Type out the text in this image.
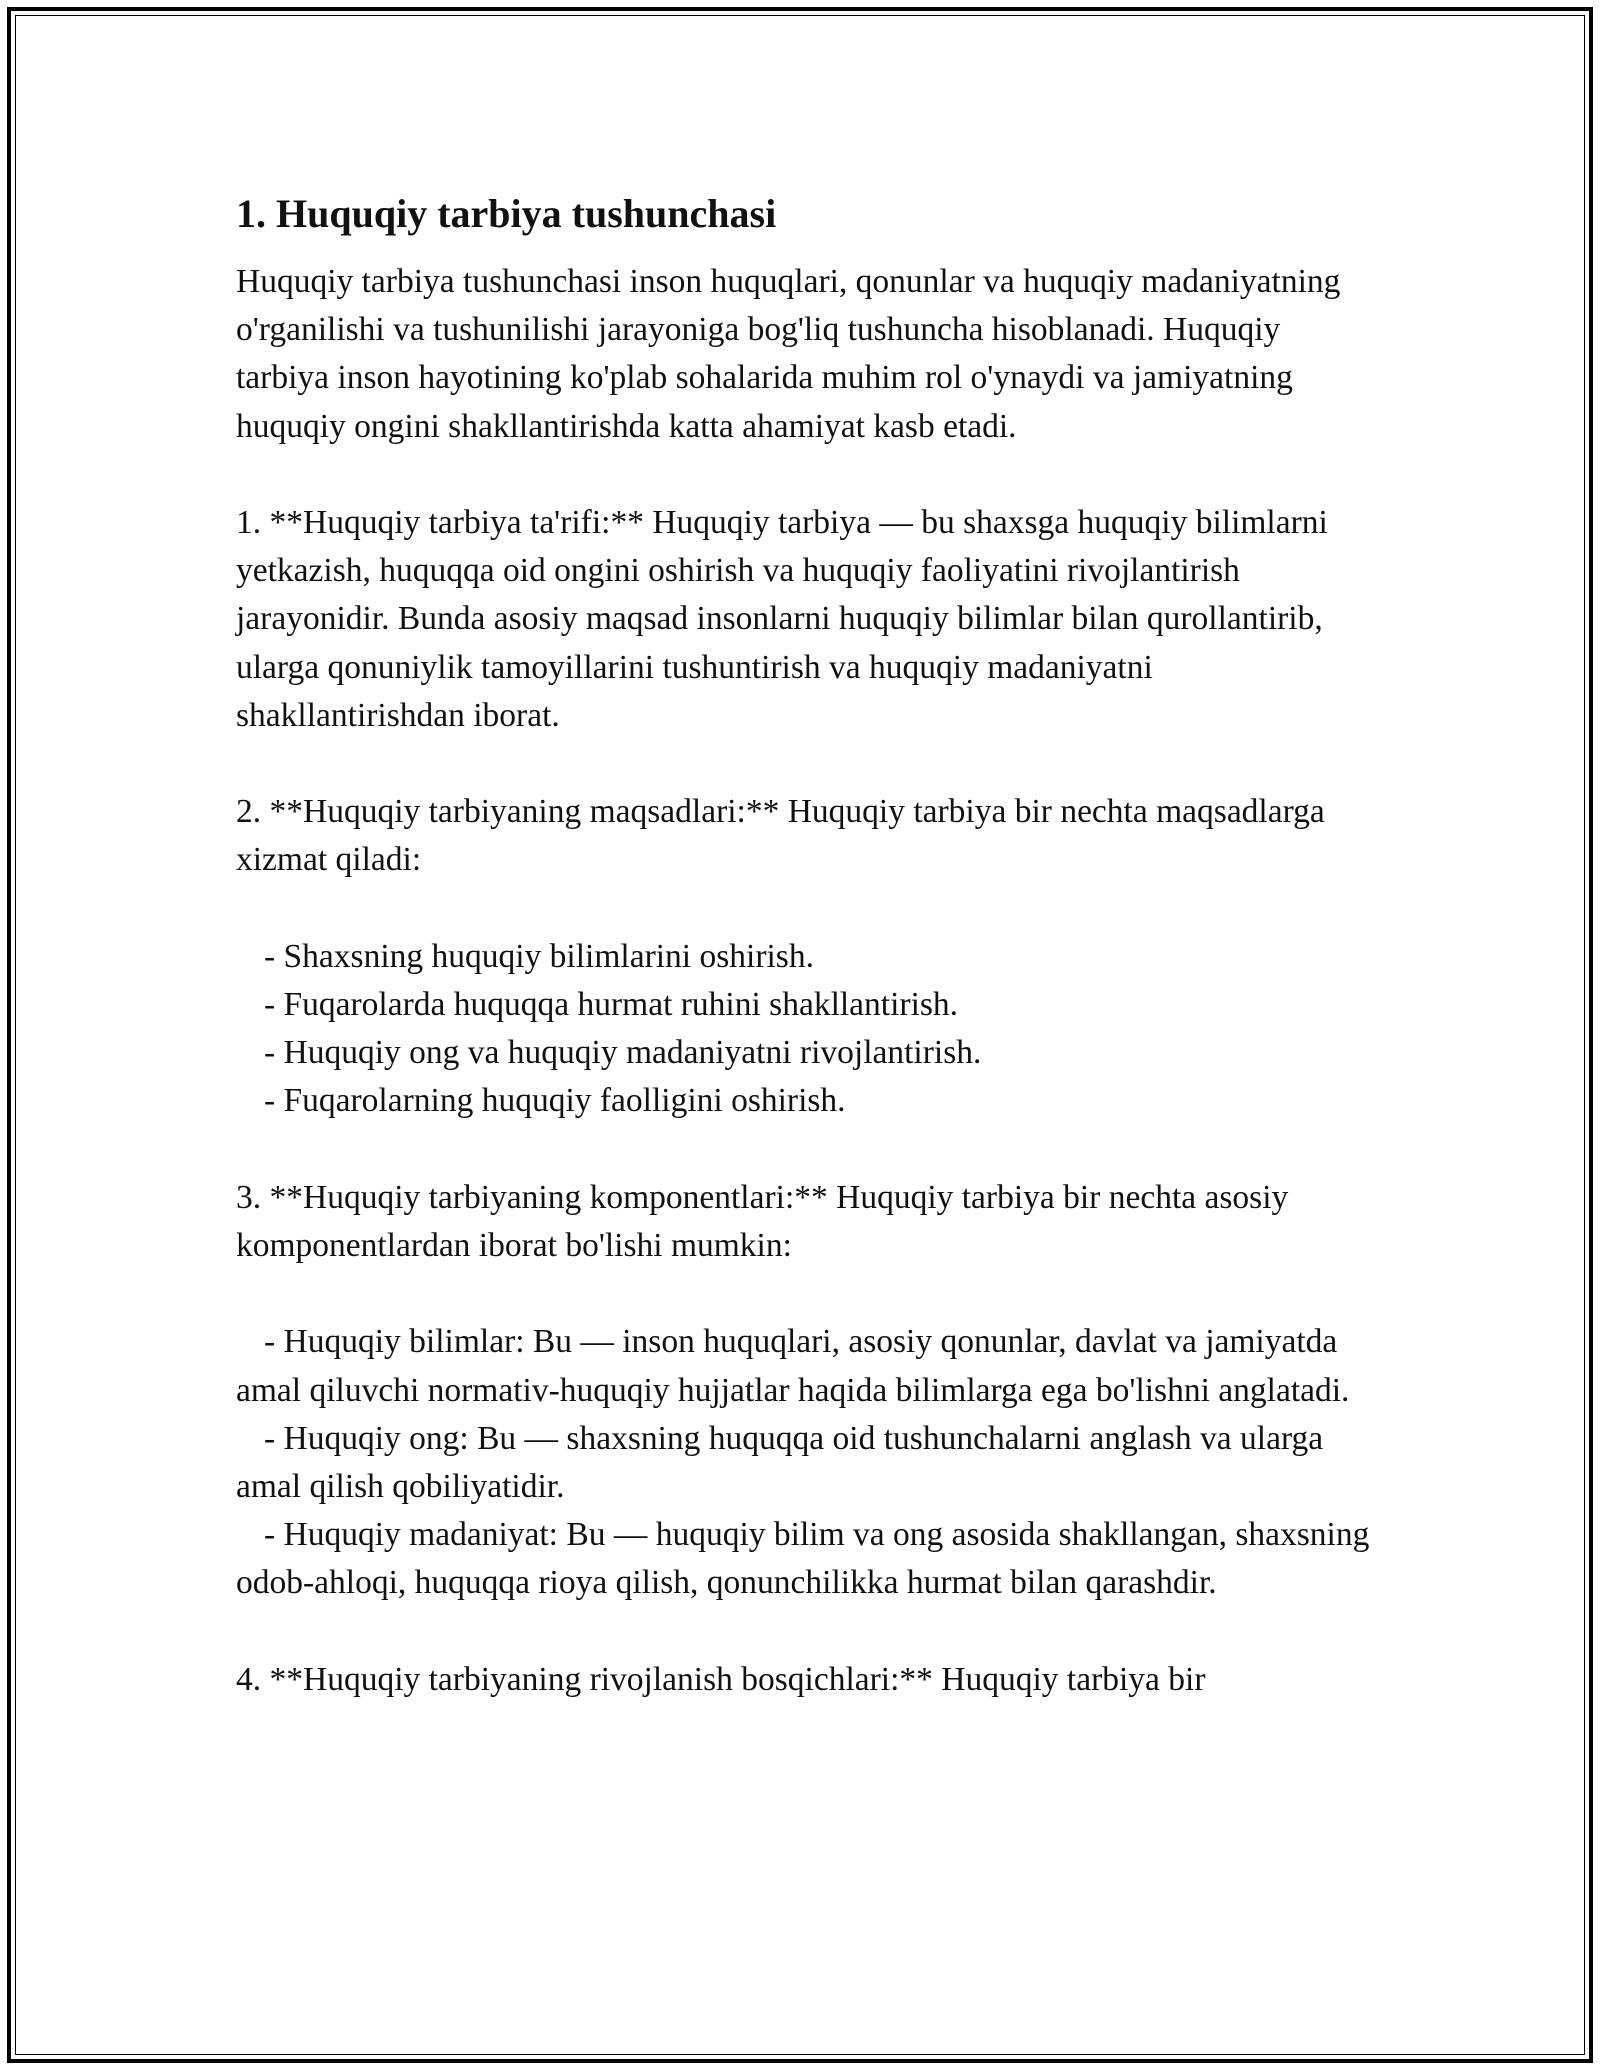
1. Huquqiy tarbiya tushunchasi

Huquqiy tarbiya tushunchasi inson huquqlari, qonunlar va huquqiy madaniyatning o'rganilishi va tushunilishi jarayoniga bog'liq tushuncha hisoblanadi. Huquqiy tarbiya inson hayotining ko'plab sohalarida muhim rol o'ynaydi va jamiyatning huquqiy ongini shakllantirishda katta ahamiyat kasb etadi.

1. **Huquqiy tarbiya ta'rifi:** Huquqiy tarbiya — bu shaxsga huquqiy bilimlarni yetkazish, huquqqa oid ongini oshirish va huquqiy faoliyatini rivojlantirish jarayonidir. Bunda asosiy maqsad insonlarni huquqiy bilimlar bilan qurollantirib, ularga qonuniylik tamoyillarini tushuntirish va huquqiy madaniyatni shakllantirishdan iborat.

2. **Huquqiy tarbiyaning maqsadlari:** Huquqiy tarbiya bir nechta maqsadlarga xizmat qiladi:

- Shaxsning huquqiy bilimlarini oshirish.

- Fuqarolarda huquqqa hurmat ruhini shakllantirish.

- Huquqiy ong va huquqiy madaniyatni rivojlantirish.

- Fuqarolarning huquqiy faolligini oshirish.

3. **Huquqiy tarbiyaning komponentlari:** Huquqiy tarbiya bir nechta asosiy komponentlardan iborat bo'lishi mumkin:

- Huquqiy bilimlar: Bu — inson huquqlari, asosiy qonunlar, davlat va jamiyatda amal qiluvchi normativ-huquqiy hujjatlar haqida bilimlarga ega bo'lishni anglatadi.

- Huquqiy ong: Bu — shaxsning huquqqa oid tushunchalarni anglash va ularga amal qilish qobiliyatidir.

- Huquqiy madaniyat: Bu — huquqiy bilim va ong asosida shakllangan, shaxsning odob-ahloqi, huquqqa rioya qilish, qonunchilikka hurmat bilan qarashdir.

4. **Huquqiy tarbiyaning rivojlanish bosqichlari:** Huquqiy tarbiya bir
